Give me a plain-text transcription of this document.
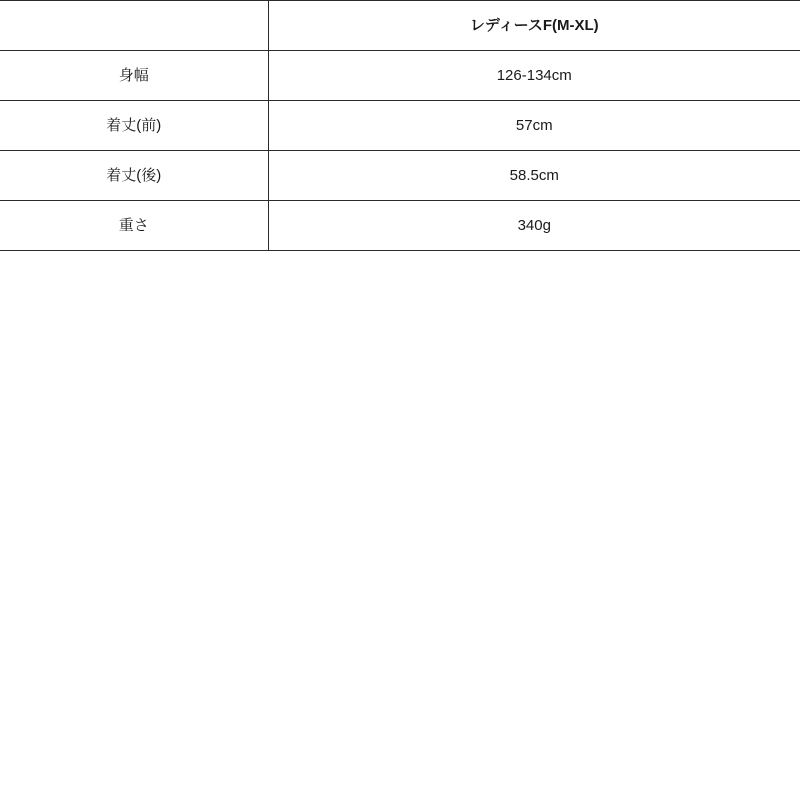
	レディースF(M-XL)
身幅	126-134cm
着丈(前)	57cm
着丈(後)	58.5cm
重さ	340g
